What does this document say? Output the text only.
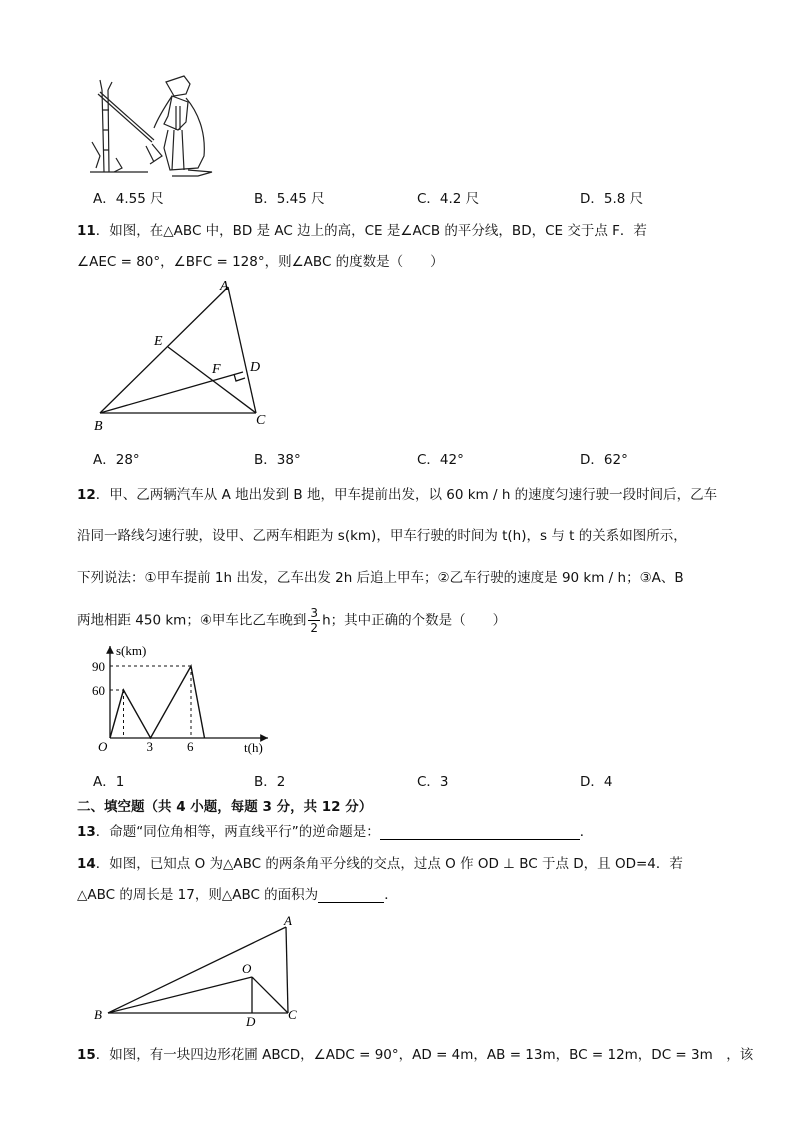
A．4.55 尺	B．5.45 尺	C．4.2 尺	D．5.8 尺
11．如图，在△ABC 中，BD 是 AC 边上的高，CE 是∠ACB 的平分线，BD，CE 交于点 F．若
∠AEC = 80°，∠BFC = 128°，则∠ABC 的度数是（　　）
A
E
F D
B	C
A．28°	B．38°	C．42°	D．62°
12．甲、乙两辆汽车从 A 地出发到 B 地，甲车提前出发，以 60 km / h 的速度匀速行驶一段时间后，乙车
沿同一路线匀速行驶，设甲、乙两车相距为 s(km)，甲车行驶的时间为 t(h)，s 与 t 的关系如图所示，
下列说法：①甲车提前 1h 出发，乙车出发 2h 后追上甲车；②乙车行驶的速度是 90 km / h；③A、B
两地相距 450 km；④甲车比乙车晚到 $\frac{3}{2}$ h；其中正确的个数是（　　）
O	3	6
60
90
s(km)
t(h)
A．1	B．2	C．3	D．4
二、填空题（共 4 小题，每题 3 分，共 12 分）
13．命题“同位角相等，两直线平行”的逆命题是：	．
14．如图，已知点 O 为△ABC 的两条角平分线的交点，过点 O 作 OD ⊥ BC 于点 D，且 OD=4．若
△ABC 的周长是 17，则△ABC 的面积为	．
A
O
B	D	C
15．如图，有一块四边形花圃 ABCD，∠ADC = 90°，AD = 4m，AB = 13m，BC = 12m，DC = 3m　，该
